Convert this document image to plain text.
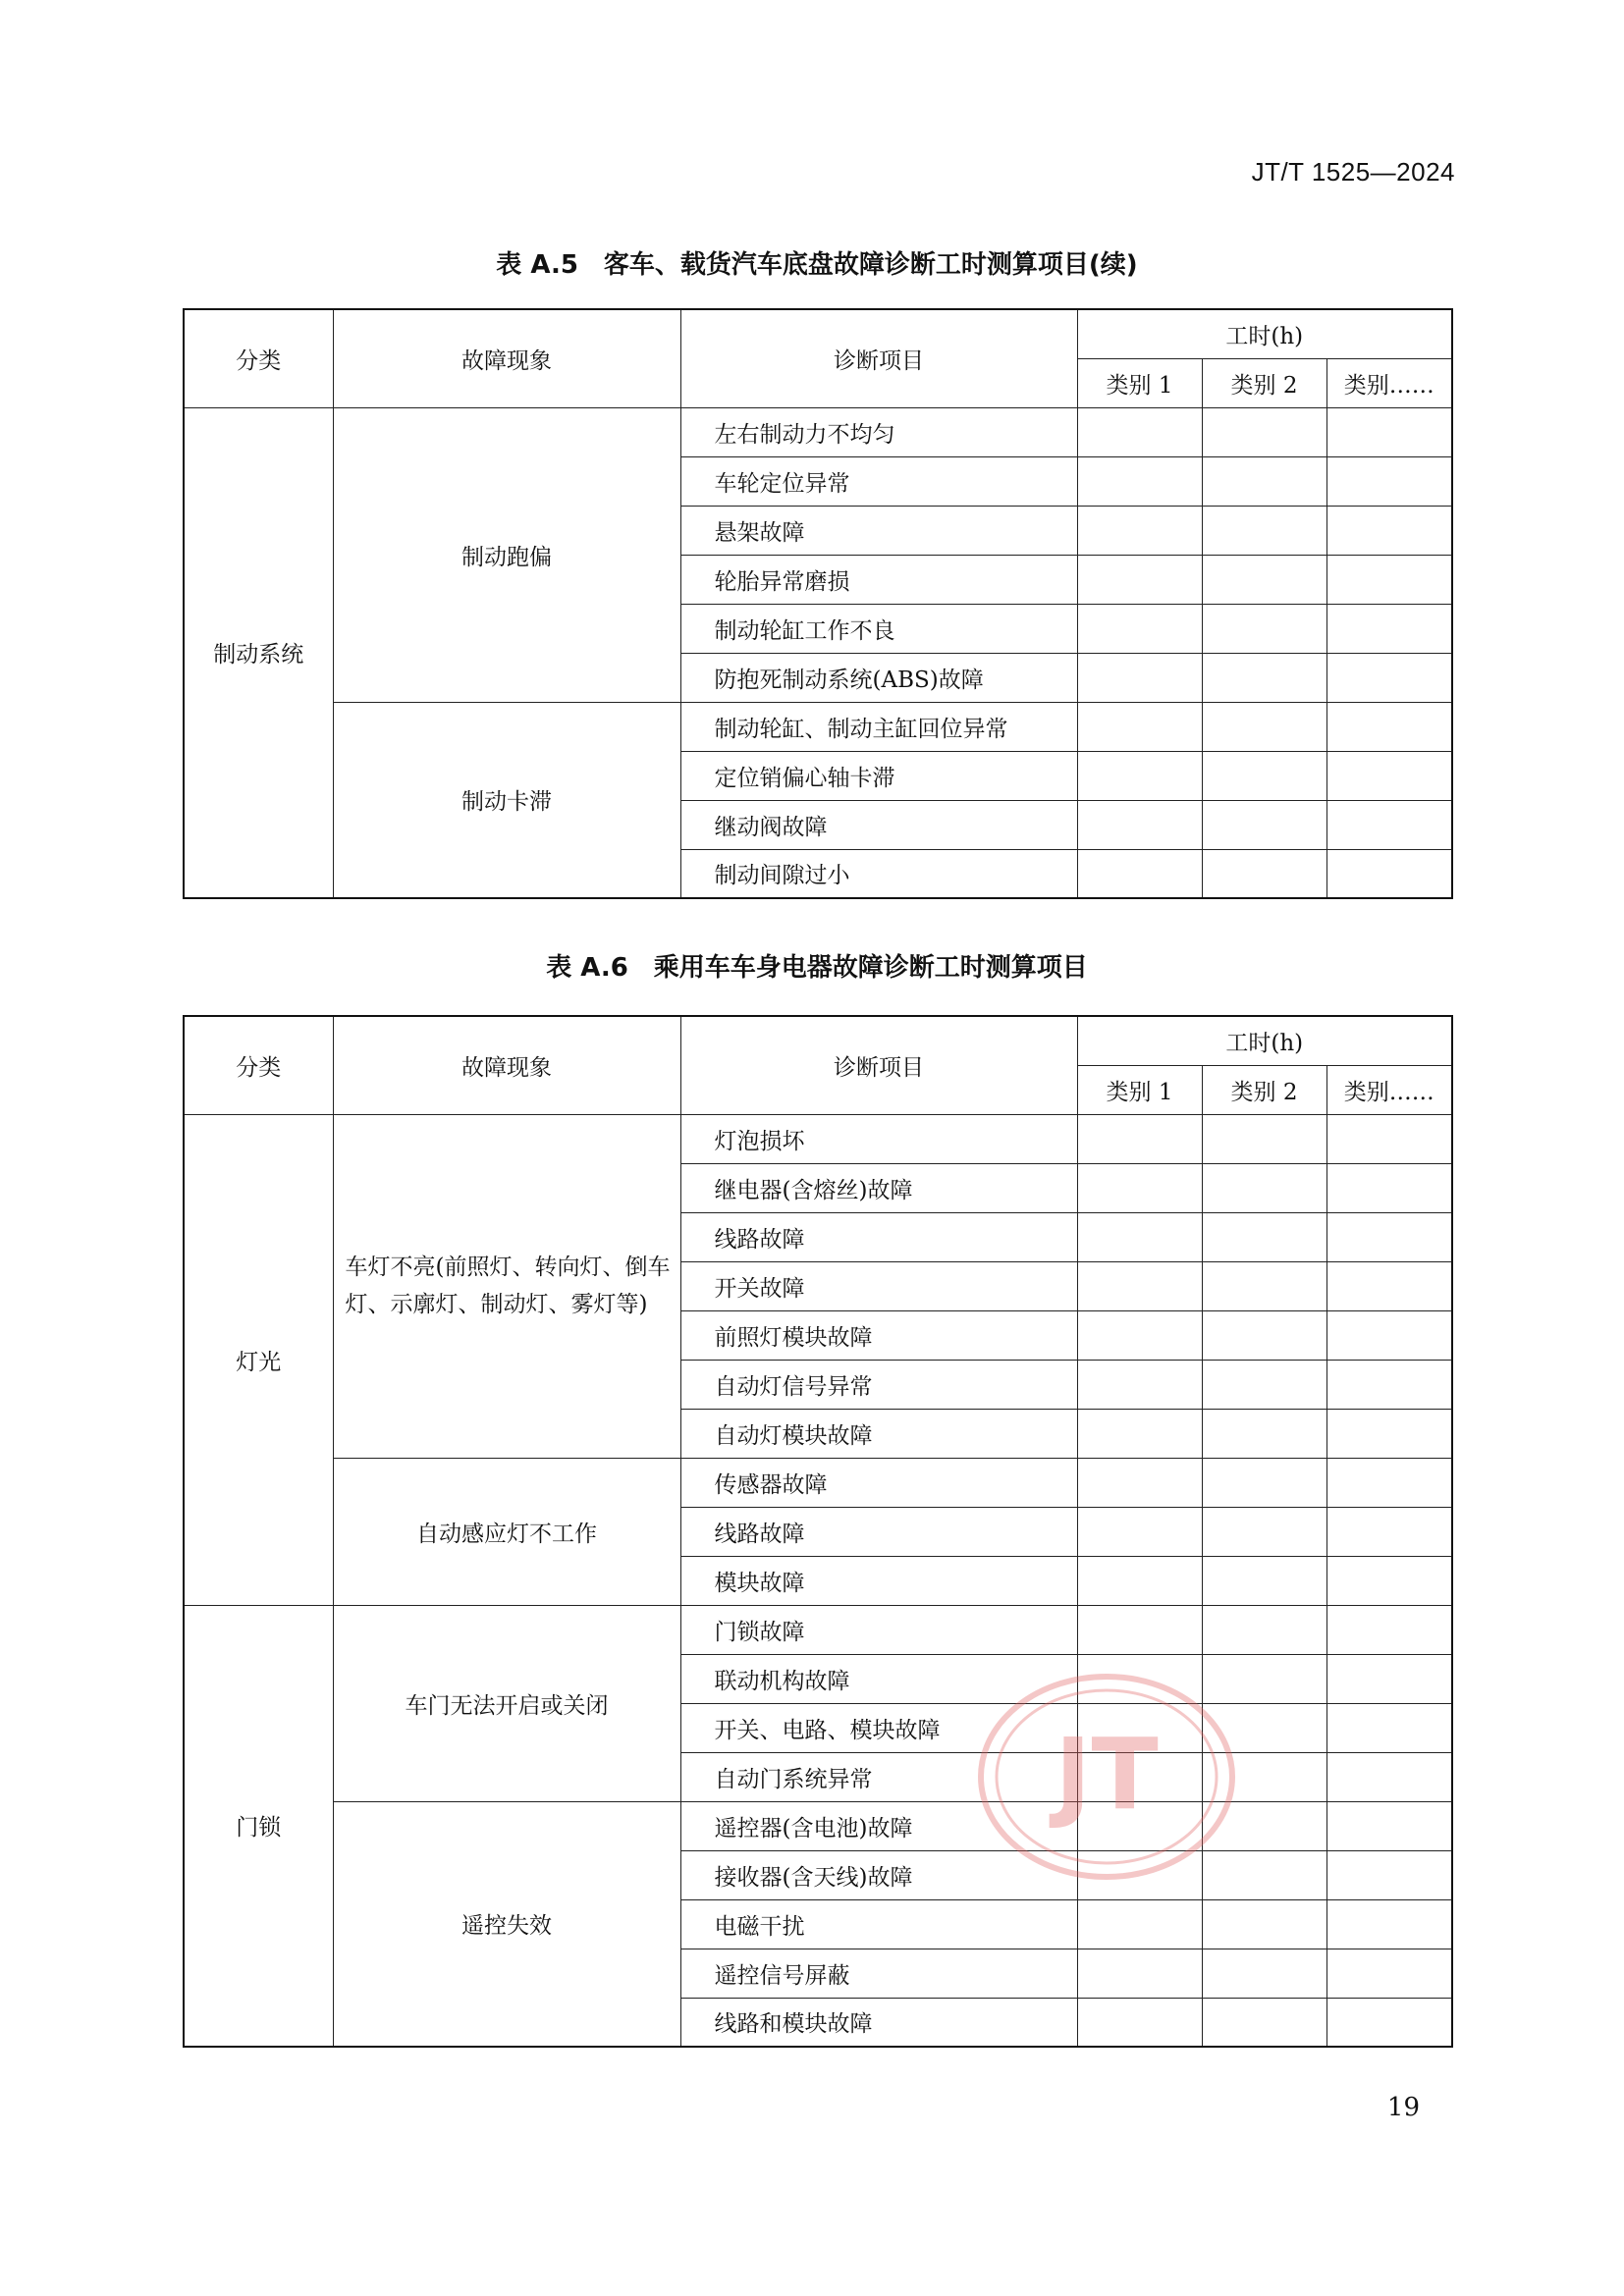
JT/T 1525—2024
表 A.5　客车、载货汽车底盘故障诊断工时测算项目(续)
分类	故障现象	诊断项目	工时(h)		
			类别 1	类别 2	类别……
制动系统	制动跑偏	左右制动力不均匀			
		车轮定位异常			
		悬架故障			
		轮胎异常磨损			
		制动轮缸工作不良			
		防抱死制动系统(ABS)故障			
	制动卡滞	制动轮缸、制动主缸回位异常			
		定位销偏心轴卡滞			
		继动阀故障			
		制动间隙过小			
表 A.6　乘用车车身电器故障诊断工时测算项目
分类	故障现象	诊断项目	工时(h)		
			类别 1	类别 2	类别……
灯光	车灯不亮(前照灯、转向灯、倒车灯、示廓灯、制动灯、雾灯等)	灯泡损坏			
		继电器(含熔丝)故障			
		线路故障			
		开关故障			
		前照灯模块故障			
		自动灯信号异常			
		自动灯模块故障			
	自动感应灯不工作	传感器故障			
		线路故障			
		模块故障			
门锁	车门无法开启或关闭	门锁故障			
		联动机构故障			
		开关、电路、模块故障			
		自动门系统异常			
	遥控失效	遥控器(含电池)故障			
		接收器(含天线)故障			
		电磁干扰			
		遥控信号屏蔽			
		线路和模块故障			
JT
19
